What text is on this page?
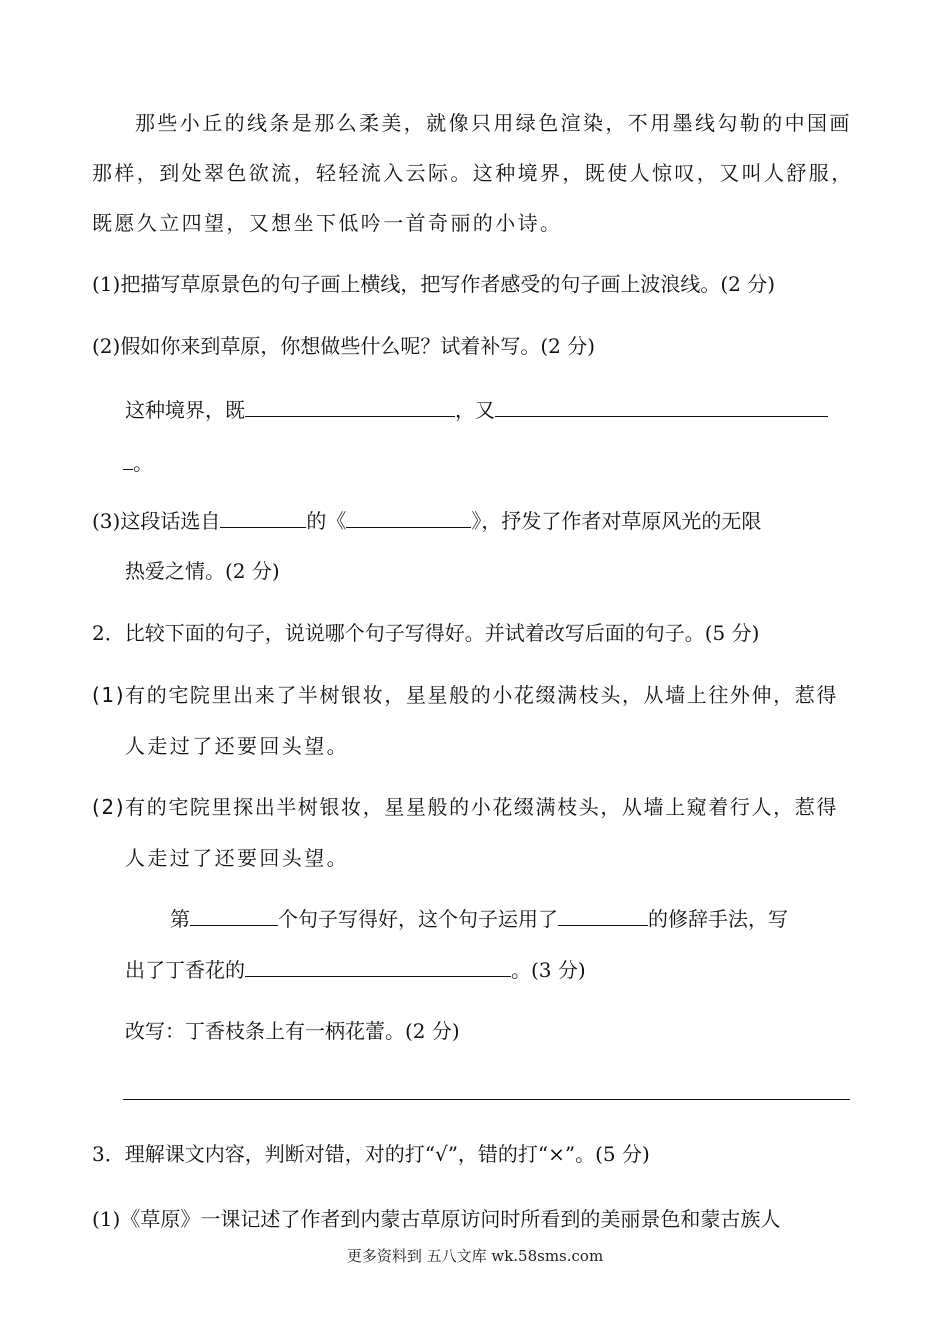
那些小丘的线条是那么柔美，就像只用绿色渲染，不用墨线勾勒的中国画
那样，到处翠色欲流，轻轻流入云际。这种境界，既使人惊叹，又叫人舒服，
既愿久立四望，又想坐下低吟一首奇丽的小诗。
(1)把描写草原景色的句子画上横线，把写作者感受的句子画上波浪线。(2 分)
(2)假如你来到草原，你想做些什么呢？试着补写。(2 分)
这种境界，既	，又
。
(3)这段话选自	的《	》，抒发了作者对草原风光的无限
热爱之情。(2 分)
2．比较下面的句子，说说哪个句子写得好。并试着改写后面的句子。(5 分)
(1)有的宅院里出来了半树银妆，星星般的小花缀满枝头，从墙上往外伸，惹得
人走过了还要回头望。
(2)有的宅院里探出半树银妆，星星般的小花缀满枝头，从墙上窥着行人，惹得
人走过了还要回头望。
第	个句子写得好，这个句子运用了	的修辞手法，写
出了丁香花的	。(3 分)
改写：丁香枝条上有一柄花蕾。(2 分)
3．理解课文内容，判断对错，对的打“√”，错的打“×”。(5 分)
(1)《草原》一课记述了作者到内蒙古草原访问时所看到的美丽景色和蒙古族人
更多资料到 五八文库 wk.58sms.com
